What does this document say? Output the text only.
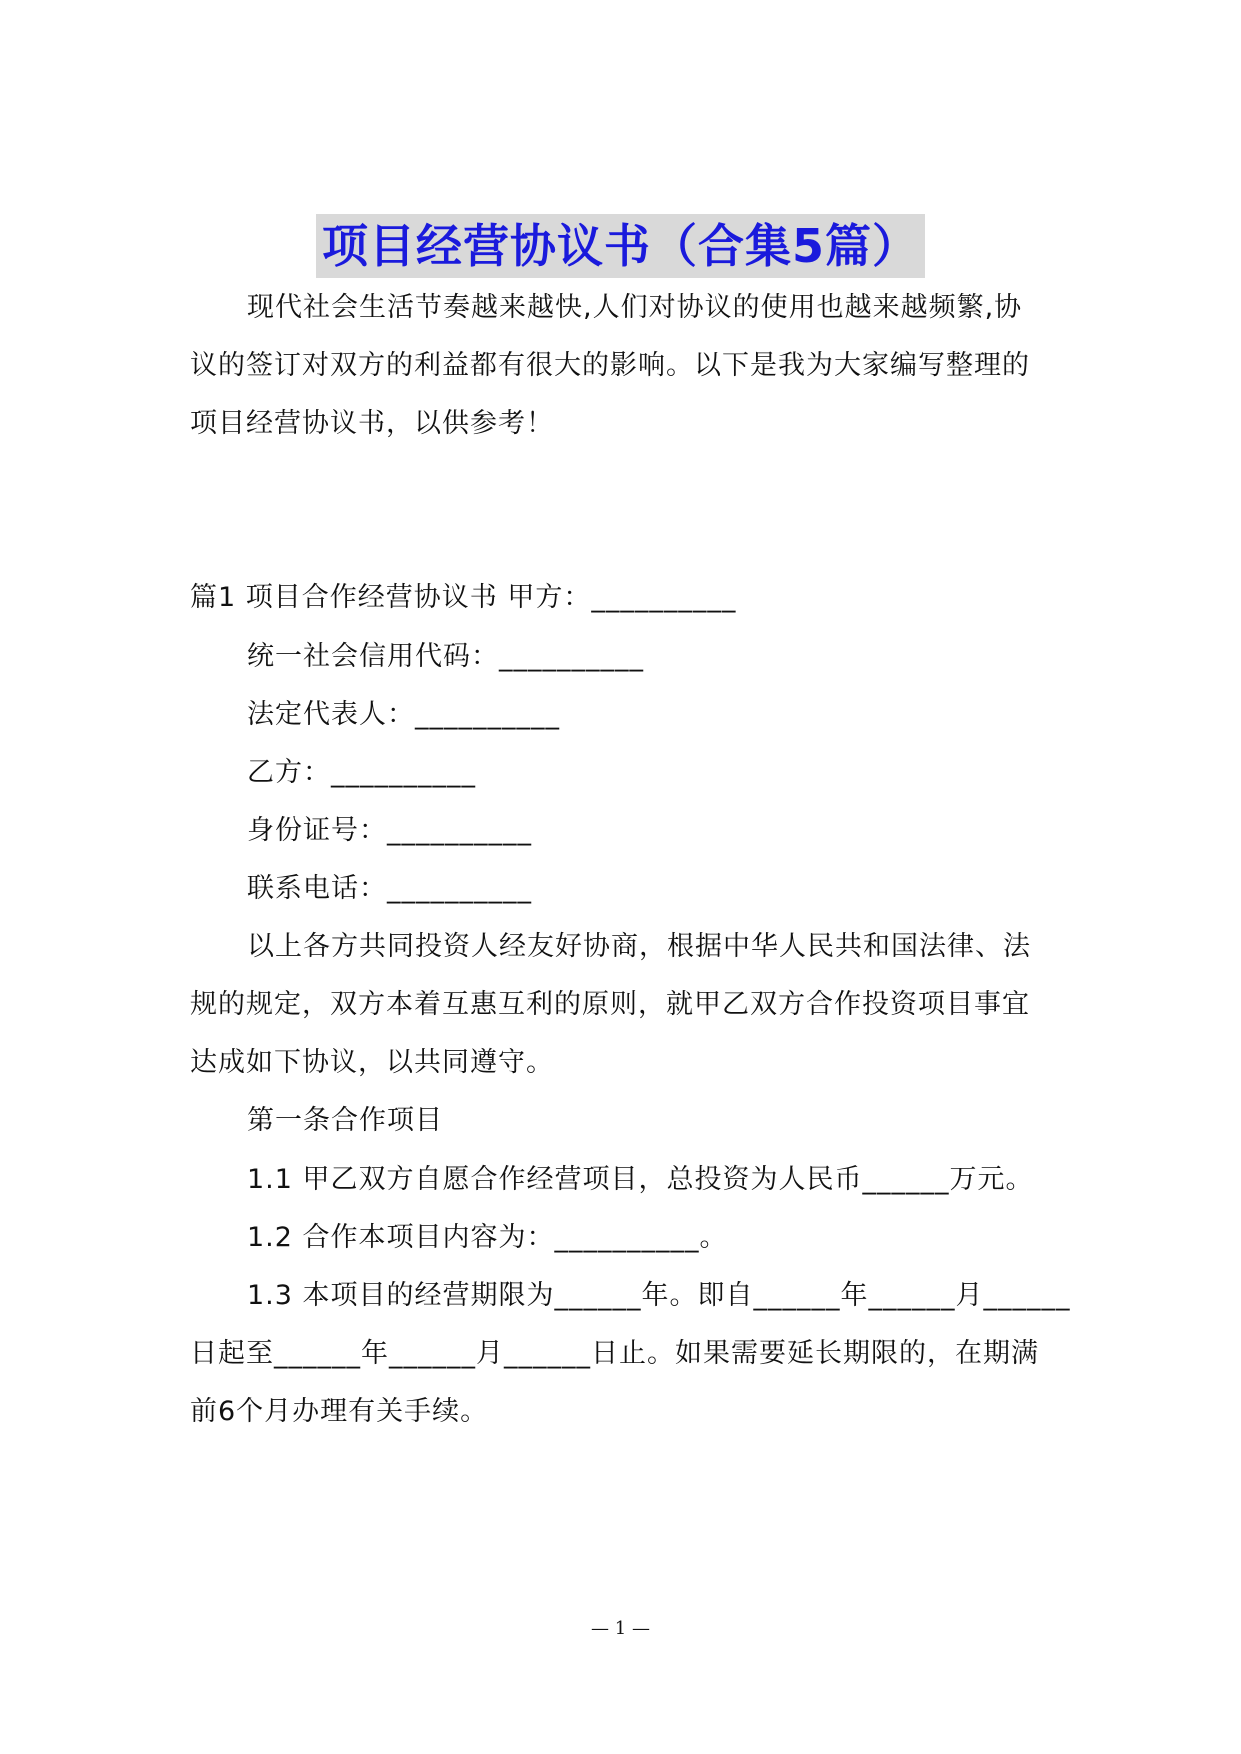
项目经营协议书（合集5篇）
现代社会生活节奏越来越快,人们对协议的使用也越来越频繁,协
议的签订对双方的利益都有很大的影响。以下是我为大家编写整理的
项目经营协议书，以供参考！
篇1 项目合作经营协议书 甲方：__________
统一社会信用代码：__________
法定代表人：__________
乙方：__________
身份证号：__________
联系电话：__________
以上各方共同投资人经友好协商，根据中华人民共和国法律、法
规的规定，双方本着互惠互利的原则，就甲乙双方合作投资项目事宜
达成如下协议，以共同遵守。
第一条合作项目
1.1 甲乙双方自愿合作经营项目，总投资为人民币______万元。
1.2 合作本项目内容为：__________。
1.3 本项目的经营期限为______年。即自______年______月______
日起至______年______月______日止。如果需要延长期限的，在期满
前6个月办理有关手续。
— 1 —
